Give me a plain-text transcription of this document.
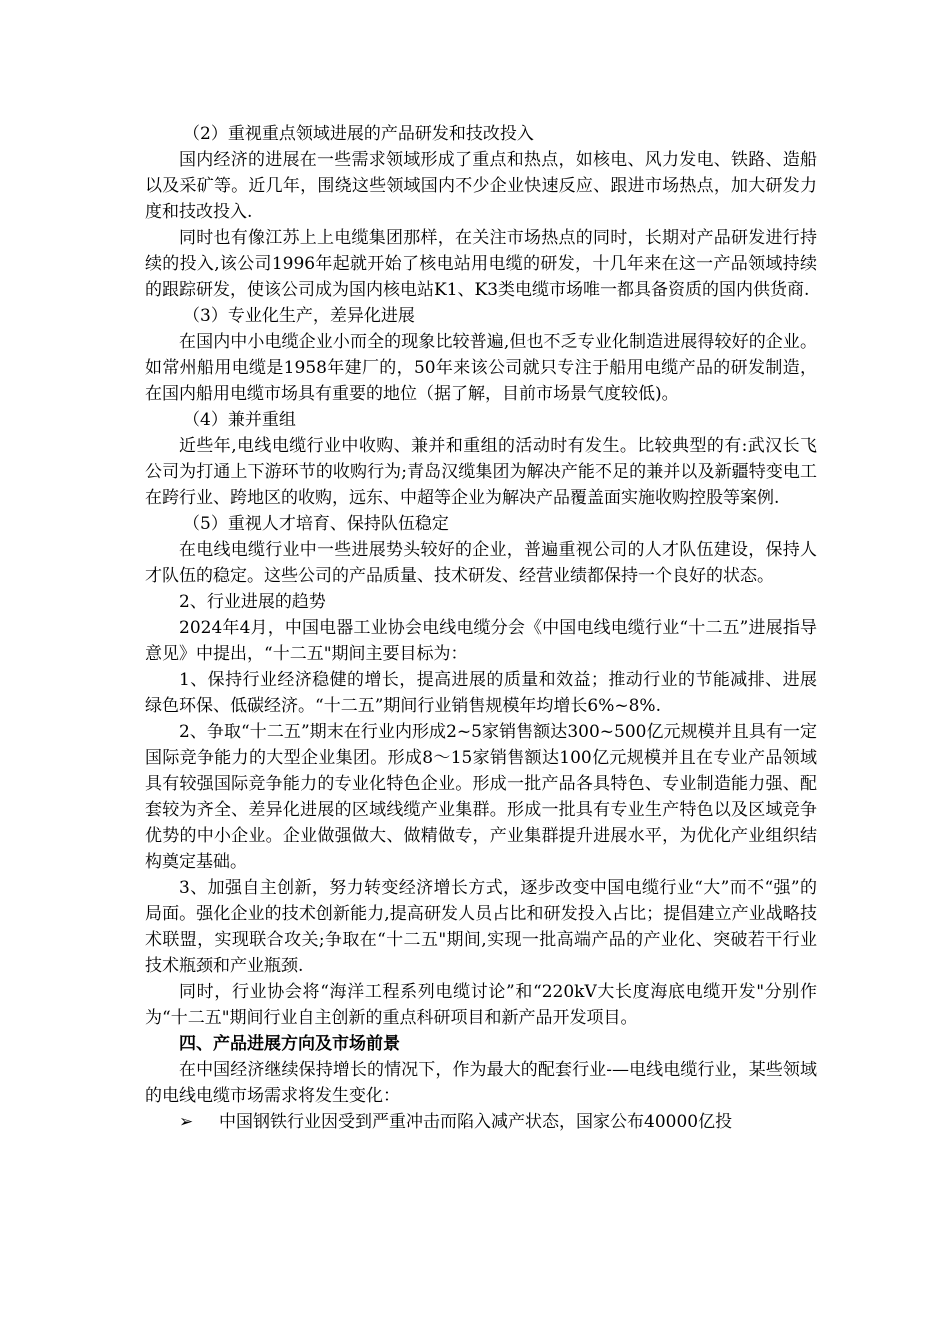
（2）重视重点领域进展的产品研发和技改投入

国内经济的进展在一些需求领域形成了重点和热点，如核电、风力发电、铁路、造船以及采矿等。近几年，围绕这些领域国内不少企业快速反应、跟进市场热点，加大研发力度和技改投入.

同时也有像江苏上上电缆集团那样，在关注市场热点的同时，长期对产品研发进行持续的投入,该公司1996年起就开始了核电站用电缆的研发，十几年来在这一产品领域持续的跟踪研发，使该公司成为国内核电站K1、K3类电缆市场唯一都具备资质的国内供货商.

（3）专业化生产，差异化进展

在国内中小电缆企业小而全的现象比较普遍,但也不乏专业化制造进展得较好的企业。如常州船用电缆是1958年建厂的，50年来该公司就只专注于船用电缆产品的研发制造，在国内船用电缆市场具有重要的地位（据了解，目前市场景气度较低)。

（4）兼并重组

近些年,电线电缆行业中收购、兼并和重组的活动时有发生。比较典型的有:武汉长飞公司为打通上下游环节的收购行为;青岛汉缆集团为解决产能不足的兼并以及新疆特变电工在跨行业、跨地区的收购，远东、中超等企业为解决产品覆盖面实施收购控股等案例.

（5）重视人才培育、保持队伍稳定

在电线电缆行业中一些进展势头较好的企业，普遍重视公司的人才队伍建设，保持人才队伍的稳定。这些公司的产品质量、技术研发、经营业绩都保持一个良好的状态。

2、行业进展的趋势

2024年4月，中国电器工业协会电线电缆分会《中国电线电缆行业“十二五”进展指导意见》中提出，“十二五"期间主要目标为：

1、保持行业经济稳健的增长，提高进展的质量和效益；推动行业的节能减排、进展绿色环保、低碳经济。“十二五”期间行业销售规模年均增长6%~8%.

2、争取“十二五”期末在行业内形成2~5家销售额达300~500亿元规模并且具有一定国际竞争能力的大型企业集团。形成8～15家销售额达100亿元规模并且在专业产品领域具有较强国际竞争能力的专业化特色企业。形成一批产品各具特色、专业制造能力强、配套较为齐全、差异化进展的区域线缆产业集群。形成一批具有专业生产特色以及区域竞争优势的中小企业。企业做强做大、做精做专，产业集群提升进展水平，为优化产业组织结构奠定基础。

3、加强自主创新，努力转变经济增长方式，逐步改变中国电缆行业“大”而不“强”的局面。强化企业的技术创新能力,提高研发人员占比和研发投入占比；提倡建立产业战略技术联盟，实现联合攻关;争取在“十二五"期间,实现一批高端产品的产业化、突破若干行业技术瓶颈和产业瓶颈.

同时，行业协会将“海洋工程系列电缆讨论”和“220kV大长度海底电缆开发"分别作为“十二五"期间行业自主创新的重点科研项目和新产品开发项目。

四、产品进展方向及市场前景

在中国经济继续保持增长的情况下，作为最大的配套行业-—电线电缆行业，某些领域的电线电缆市场需求将发生变化：

➢ 中国钢铁行业因受到严重冲击而陷入减产状态，国家公布40000亿投
